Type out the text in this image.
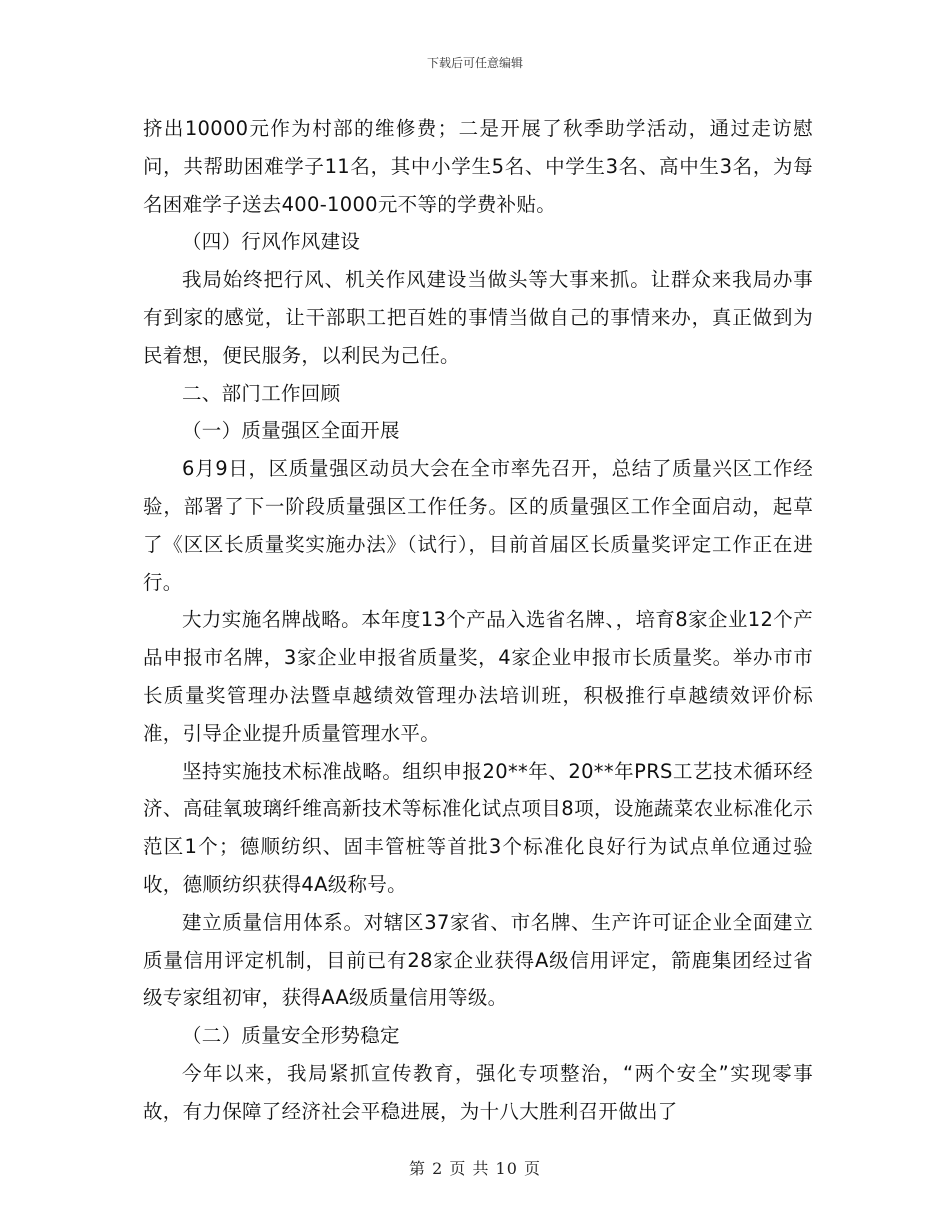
下载后可任意编辑

挤出10000元作为村部的维修费；二是开展了秋季助学活动，通过走访慰问，共帮助困难学子11名，其中小学生5名、中学生3名、高中生3名，为每名困难学子送去400-1000元不等的学费补贴。

（四）行风作风建设

我局始终把行风、机关作风建设当做头等大事来抓。让群众来我局办事有到家的感觉，让干部职工把百姓的事情当做自己的事情来办，真正做到为民着想，便民服务，以利民为己任。

二、部门工作回顾

（一）质量强区全面开展

6月9日，区质量强区动员大会在全市率先召开，总结了质量兴区工作经验，部署了下一阶段质量强区工作任务。区的质量强区工作全面启动，起草了《区区长质量奖实施办法》（试行），目前首届区长质量奖评定工作正在进行。

大力实施名牌战略。本年度13个产品入选省名牌、，培育8家企业12个产品申报市名牌，3家企业申报省质量奖，4家企业申报市长质量奖。举办市市长质量奖管理办法暨卓越绩效管理办法培训班，积极推行卓越绩效评价标准，引导企业提升质量管理水平。

坚持实施技术标准战略。组织申报20**年、20**年PRS工艺技术循环经济、高硅氧玻璃纤维高新技术等标准化试点项目8项，设施蔬菜农业标准化示范区1个；德顺纺织、固丰管桩等首批3个标准化良好行为试点单位通过验收，德顺纺织获得4A级称号。

建立质量信用体系。对辖区37家省、市名牌、生产许可证企业全面建立质量信用评定机制，目前已有28家企业获得A级信用评定，箭鹿集团经过省级专家组初审，获得AA级质量信用等级。

（二）质量安全形势稳定

今年以来，我局紧抓宣传教育，强化专项整治，“两个安全”实现零事故，有力保障了经济社会平稳进展，为十八大胜利召开做出了

第 2 页 共 10 页
